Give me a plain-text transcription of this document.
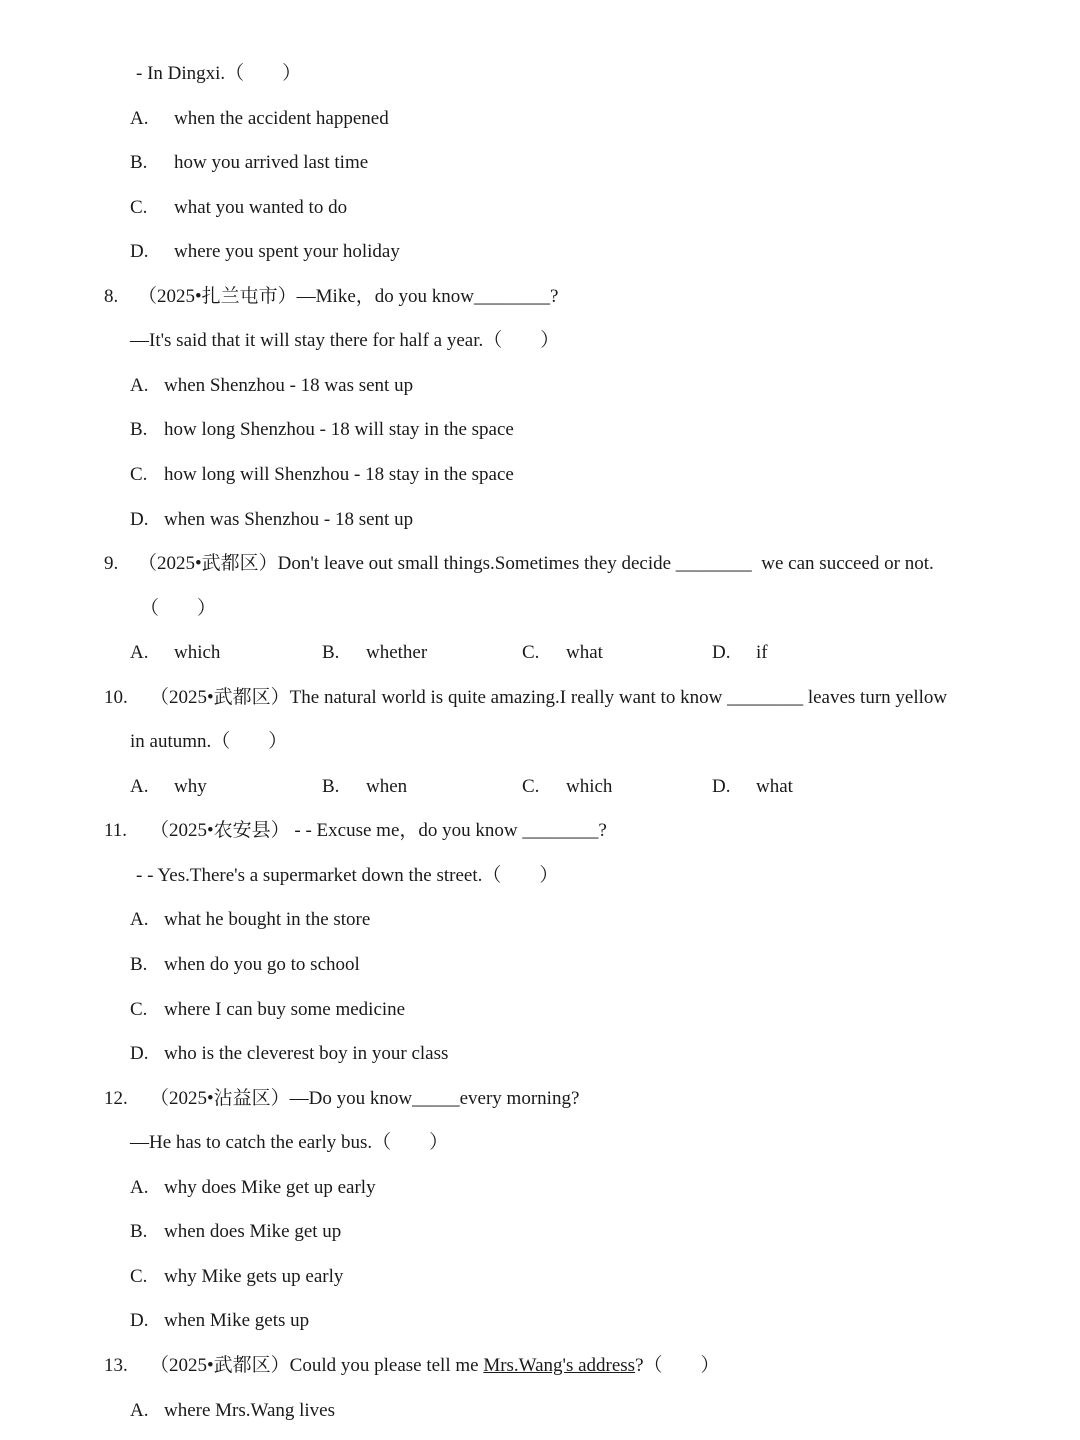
- In Dingxi.（　　）
A. when the accident happened
B. how you arrived last time
C. what you wanted to do
D. where you spent your holiday
8. （2025•扎兰屯市）—Mike，do you know________?
—It's said that it will stay there for half a year.（　　）
A. when Shenzhou - 18 was sent up
B. how long Shenzhou - 18 will stay in the space
C. how long will Shenzhou - 18 stay in the space
D. when was Shenzhou - 18 sent up
9. （2025•武都区）Don't leave out small things.Sometimes they decide ________  we can succeed or not.
（　　）
A. which	B. whether	C. what	D. if
10. （2025•武都区）The natural world is quite amazing.I really want to know ________ leaves turn yellow
in autumn.（　　）
A. why	B. when	C. which	D. what
11. （2025•农安县） - - Excuse me，do you know ________?
- - Yes.There's a supermarket down the street.（　　）
A. what he bought in the store
B. when do you go to school
C. where I can buy some medicine
D. who is the cleverest boy in your class
12. （2025•沾益区）—Do you know_____every morning?
—He has to catch the early bus.（　　）
A. why does Mike get up early
B. when does Mike get up
C. why Mike gets up early
D. when Mike gets up
13. （2025•武都区）Could you please tell me Mrs.Wang's address?（　　）
A. where Mrs.Wang lives
